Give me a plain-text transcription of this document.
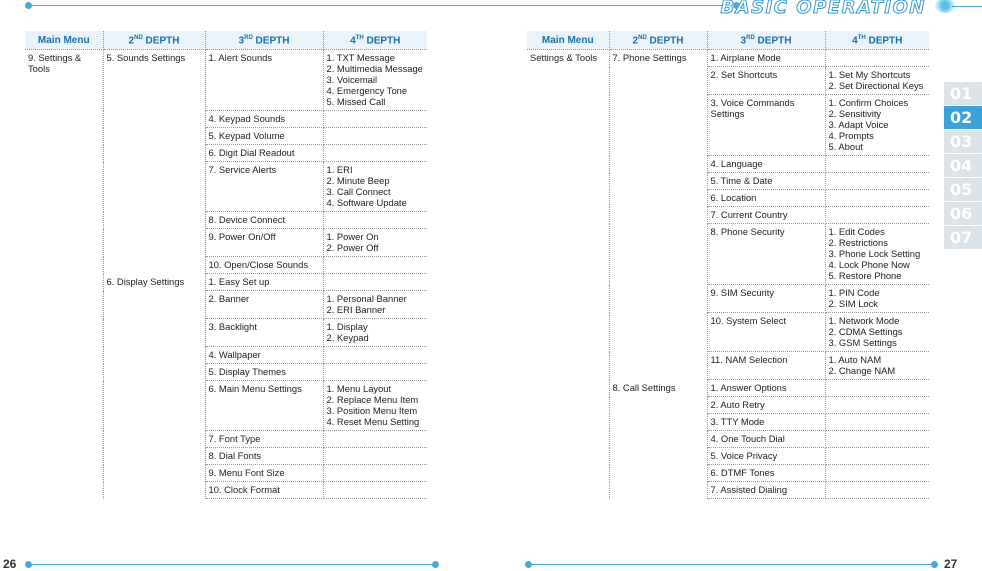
BASIC OPERATION
Main Menu	2ND DEPTH	3RD DEPTH	4TH DEPTH
9. Settings & Tools	5. Sounds Settings	1. Alert Sounds	1. TXT Message
2. Multimedia Message
3. Voicemail
4. Emergency Tone
5. Missed Call

		4. Keypad Sounds	
		5. Keypad Volume	
		6. Digit Dial Readout	
		7. Service Alerts	1. ERI
2. Minute Beep
3. Call Connect
4. Software Update

		8. Device Connect	
		9. Power On/Off	1. Power On
2. Power Off

		10. Open/Close Sounds	
	6. Display Settings	1. Easy Set up	
		2. Banner	1. Personal Banner
2. ERI Banner

		3. Backlight	1. Display
2. Keypad

		4. Wallpaper	
		5. Display Themes	
		6. Main Menu Settings	1. Menu Layout
2. Replace Menu Item
3. Position Menu Item
4. Reset Menu Setting

		7. Font Type	
		8. Dial Fonts	
		9. Menu Font Size	
		10. Clock Format	
Main Menu	2ND DEPTH	3RD DEPTH	4TH DEPTH
Settings & Tools	7. Phone Settings	1. Airplane Mode	
		2. Set Shortcuts	1. Set My Shortcuts
2. Set Directional Keys

		3. Voice Commands Settings	1. Confirm Choices
2. Sensitivity
3. Adapt Voice
4. Prompts
5. About

		4. Language	
		5. Time & Date	
		6. Location	
		7. Current Country	
		8. Phone Security	1. Edit Codes
2. Restrictions
3. Phone Lock Setting
4. Lock Phone Now
5. Restore Phone

		9. SIM Security	1. PIN Code
2. SIM Lock

		10. System Select	1. Network Mode
2. CDMA Settings
3. GSM Settings

		11. NAM Selection	1. Auto NAM
2. Change NAM

	8. Call Settings	1. Answer Options	
		2. Auto Retry	
		3. TTY Mode	
		4. One Touch Dial	
		5. Voice Privacy	
		6. DTMF Tones	
		7. Assisted Dialing	
01
02
03
04
05
06
07
26	27
